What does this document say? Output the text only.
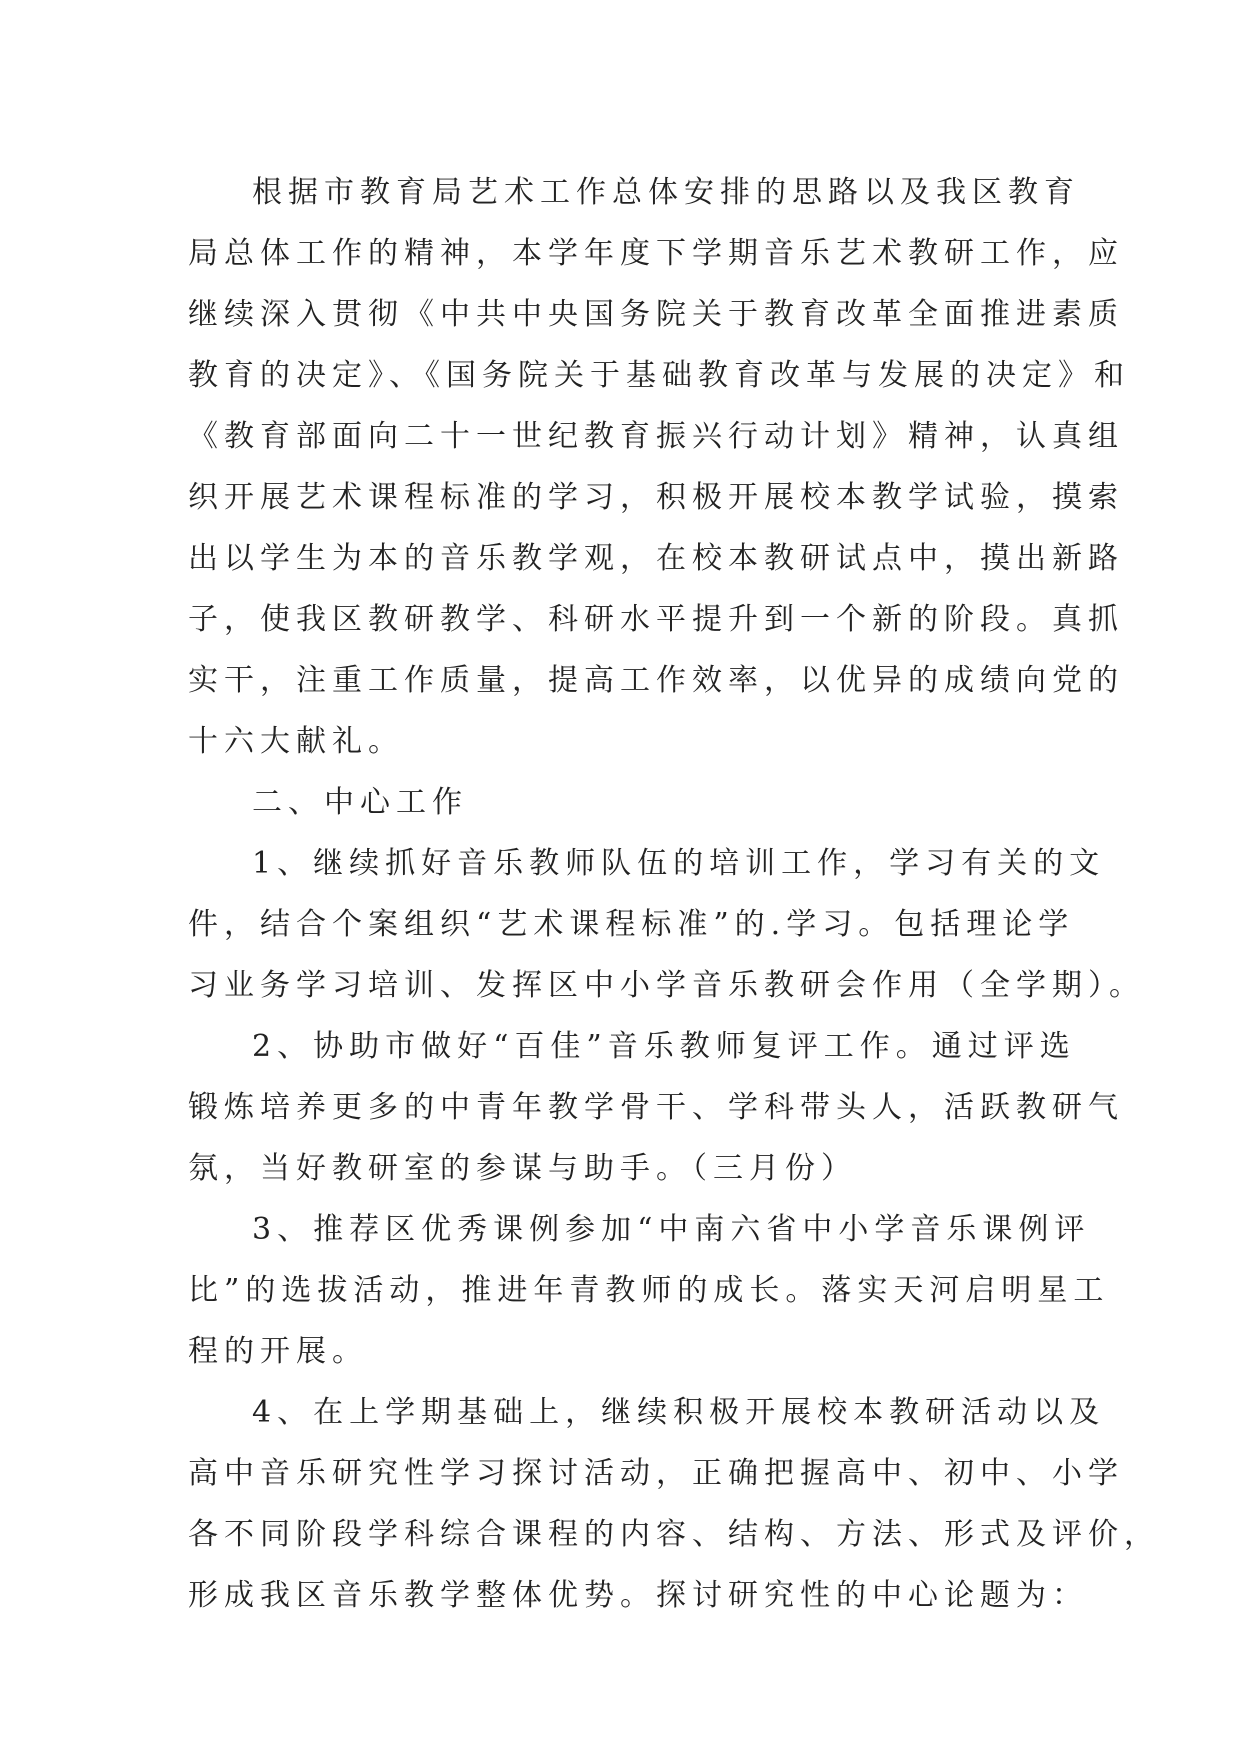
根据市教育局艺术工作总体安排的思路以及我区教育
局总体工作的精神，本学年度下学期音乐艺术教研工作，应
继续深入贯彻《中共中央国务院关于教育改革全面推进素质
教育的决定》、《国务院关于基础教育改革与发展的决定》和
《教育部面向二十一世纪教育振兴行动计划》精神，认真组
织开展艺术课程标准的学习，积极开展校本教学试验，摸索
出以学生为本的音乐教学观，在校本教研试点中，摸出新路
子，使我区教研教学、科研水平提升到一个新的阶段。真抓
实干，注重工作质量，提高工作效率，以优异的成绩向党的
十六大献礼。
二、中心工作
1、继续抓好音乐教师队伍的培训工作，学习有关的文
件，结合个案组织“艺术课程标准”的.学习。包括理论学
习业务学习培训、发挥区中小学音乐教研会作用（全学期）。
2、协助市做好“百佳”音乐教师复评工作。通过评选
锻炼培养更多的中青年教学骨干、学科带头人，活跃教研气
氛，当好教研室的参谋与助手。（三月份）
3、推荐区优秀课例参加“中南六省中小学音乐课例评
比”的选拔活动，推进年青教师的成长。落实天河启明星工
程的开展。
4、在上学期基础上，继续积极开展校本教研活动以及
高中音乐研究性学习探讨活动，正确把握高中、初中、小学
各不同阶段学科综合课程的内容、结构、方法、形式及评价，
形成我区音乐教学整体优势。探讨研究性的中心论题为：
